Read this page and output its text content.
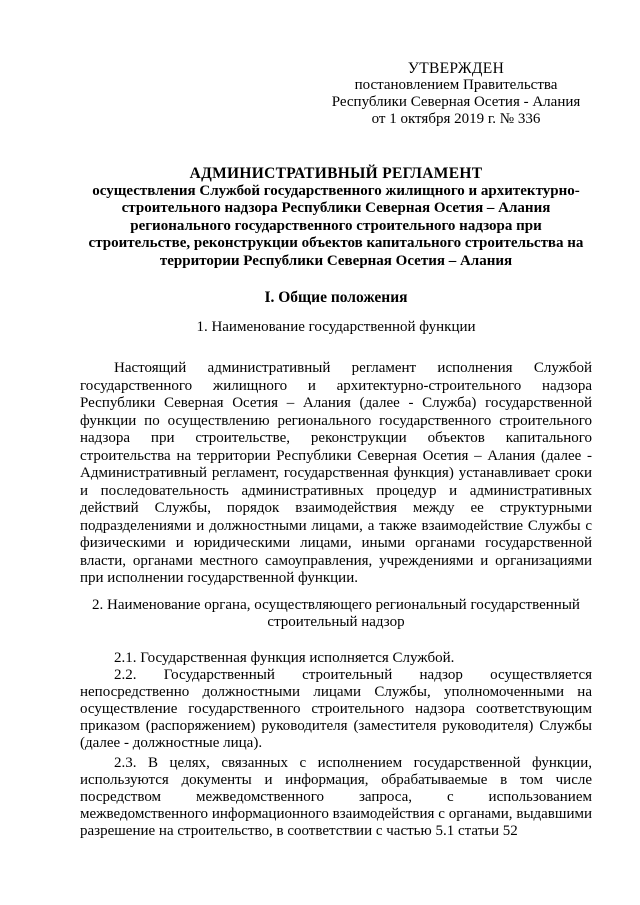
УТВЕРЖДЕН
постановлением Правительства
Республики Северная Осетия - Алания
от 1 октября 2019 г. № 336
АДМИНИСТРАТИВНЫЙ РЕГЛАМЕНТ
осуществления Службой государственного жилищного и архитектурно-строительного надзора Республики Северная Осетия – Алания регионального государственного строительного надзора при строительстве, реконструкции объектов капитального строительства на территории Республики Северная Осетия – Алания
I. Общие положения
1. Наименование государственной функции
Настоящий административный регламент исполнения Службой государственного жилищного и архитектурно-строительного надзора Республики Северная Осетия – Алания (далее - Служба) государственной функции по осуществлению регионального государственного строительного надзора при строительстве, реконструкции объектов капитального строительства на территории Республики Северная Осетия – Алания (далее - Административный регламент, государственная функция) устанавливает сроки и последовательность административных процедур и административных действий Службы, порядок взаимодействия между ее структурными подразделениями и должностными лицами, а также взаимодействие Службы с физическими и юридическими лицами, иными органами государственной власти, органами местного самоуправления, учреждениями и организациями при исполнении государственной функции.
2. Наименование органа, осуществляющего региональный государственный строительный надзор
2.1. Государственная функция исполняется Службой.
2.2. Государственный строительный надзор осуществляется непосредственно должностными лицами Службы, уполномоченными на осуществление государственного строительного надзора соответствующим приказом (распоряжением) руководителя (заместителя руководителя) Службы (далее - должностные лица).
2.3. В целях, связанных с исполнением государственной функции, используются документы и информация, обрабатываемые в том числе посредством межведомственного запроса, с использованием межведомственного информационного взаимодействия с органами, выдавшими разрешение на строительство, в соответствии с частью 5.1 статьи 52
